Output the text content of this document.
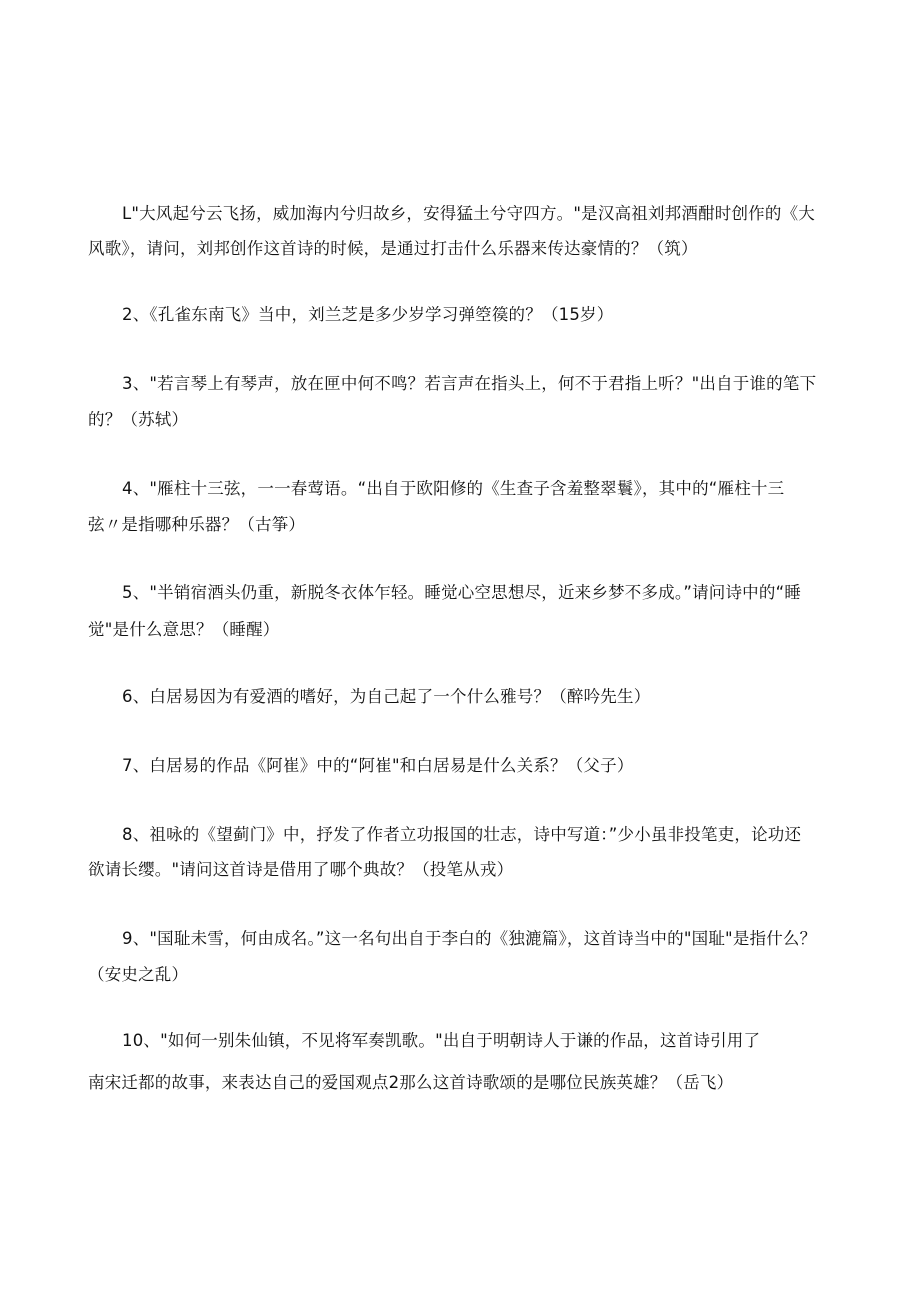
L"大风起兮云飞扬，威加海内兮归故乡，安得猛土兮守四方。"是汉高祖刘邦酒酣时创作的《大
风歌》，请问，刘邦创作这首诗的时候，是通过打击什么乐器来传达豪情的？（筑）
2、《孔雀东南飞》当中，刘兰芝是多少岁学习弹箜篌的？（15岁）
3、"若言琴上有琴声，放在匣中何不鸣？若言声在指头上，何不于君指上听？"出自于谁的笔下
的？（苏轼）
4、"雁柱十三弦，一一春莺语。“出自于欧阳修的《生查子含羞整翠鬟》，其中的“雁柱十三
弦〃是指哪种乐器？（古筝）
5、"半销宿酒头仍重，新脱冬衣体乍轻。睡觉心空思想尽，近来乡梦不多成。”请问诗中的“睡
觉"是什么意思？（睡醒）
6、白居易因为有爱酒的嗜好，为自己起了一个什么雅号？（醉吟先生）
7、白居易的作品《阿崔》中的“阿崔"和白居易是什么关系？（父子）
8、祖咏的《望蓟门》中，抒发了作者立功报国的壮志，诗中写道：”少小虽非投笔吏，论功还
欲请长缨。"请问这首诗是借用了哪个典故？（投笔从戎）
9、"国耻未雪，何由成名。”这一名句出自于李白的《独漉篇》，这首诗当中的"国耻"是指什么？
（安史之乱）
10、"如何一别朱仙镇，不见将军奏凯歌。"出自于明朝诗人于谦的作品，这首诗引用了
南宋迁都的故事，来表达自己的爱国观点2那么这首诗歌颂的是哪位民族英雄？（岳飞）
